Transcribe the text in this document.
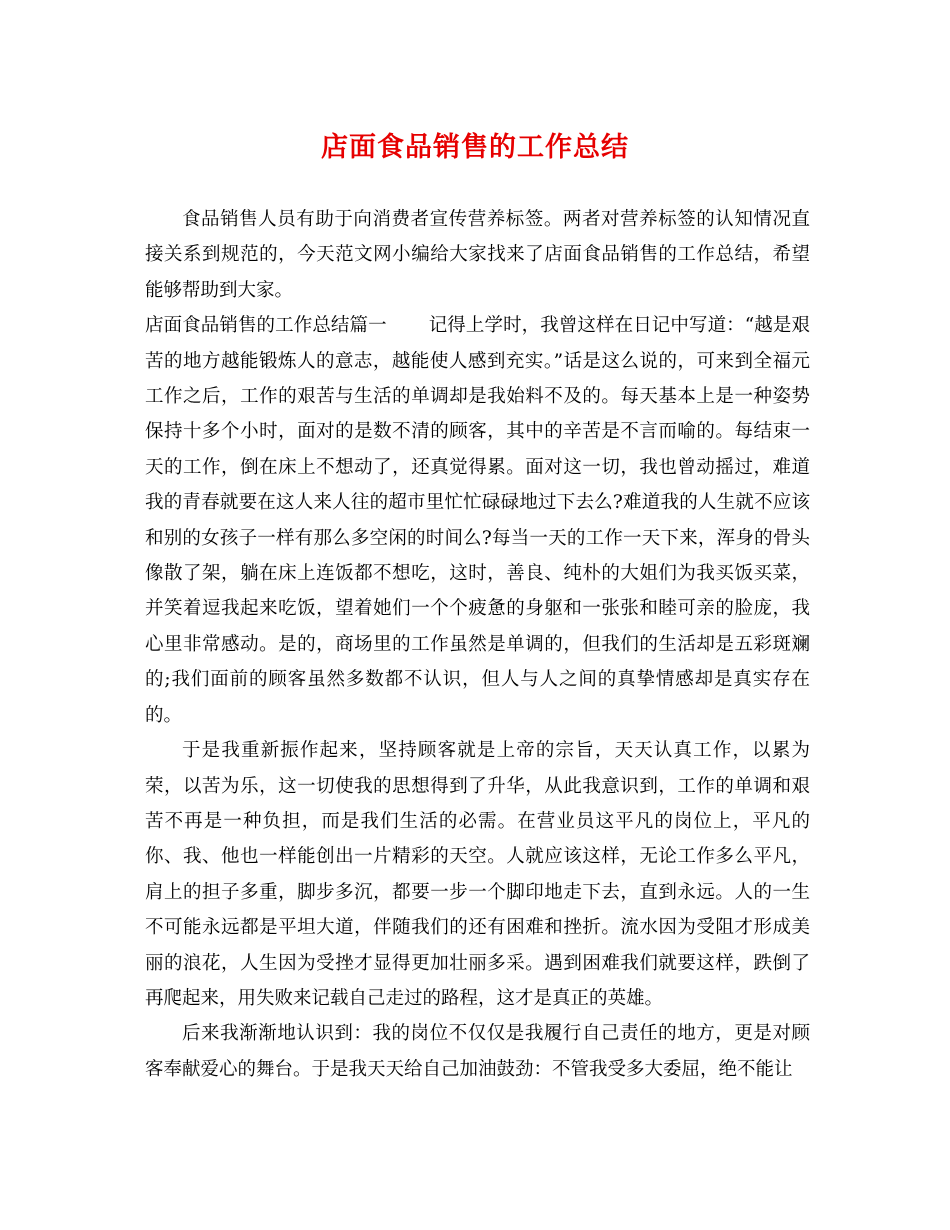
店面食品销售的工作总结

食品销售人员有助于向消费者宣传营养标签。两者对营养标签的认知情况直接关系到规范的，今天范文网小编给大家找来了店面食品销售的工作总结，希望能够帮助到大家。

店面食品销售的工作总结篇一 记得上学时，我曾这样在日记中写道：“越是艰苦的地方越能锻炼人的意志，越能使人感到充实。”话是这么说的，可来到全福元工作之后，工作的艰苦与生活的单调却是我始料不及的。每天基本上是一种姿势保持十多个小时，面对的是数不清的顾客，其中的辛苦是不言而喻的。每结束一天的工作，倒在床上不想动了，还真觉得累。面对这一切，我也曾动摇过，难道我的青春就要在这人来人往的超市里忙忙碌碌地过下去么?难道我的人生就不应该和别的女孩子一样有那么多空闲的时间么?每当一天的工作一天下来，浑身的骨头像散了架，躺在床上连饭都不想吃，这时，善良、纯朴的大姐们为我买饭买菜，并笑着逗我起来吃饭，望着她们一个个疲惫的身躯和一张张和睦可亲的脸庞，我心里非常感动。是的，商场里的工作虽然是单调的，但我们的生活却是五彩斑斓的;我们面前的顾客虽然多数都不认识，但人与人之间的真挚情感却是真实存在的。

于是我重新振作起来，坚持顾客就是上帝的宗旨，天天认真工作，以累为荣，以苦为乐，这一切使我的思想得到了升华，从此我意识到，工作的单调和艰苦不再是一种负担，而是我们生活的必需。在营业员这平凡的岗位上，平凡的你、我、他也一样能创出一片精彩的天空。人就应该这样，无论工作多么平凡，肩上的担子多重，脚步多沉，都要一步一个脚印地走下去，直到永远。人的一生不可能永远都是平坦大道，伴随我们的还有困难和挫折。流水因为受阻才形成美丽的浪花，人生因为受挫才显得更加壮丽多采。遇到困难我们就要这样，跌倒了再爬起来，用失败来记载自己走过的路程，这才是真正的英雄。

后来我渐渐地认识到：我的岗位不仅仅是我履行自己责任的地方，更是对顾客奉献爱心的舞台。于是我天天给自己加油鼓劲：不管我受多大委屈，绝不能让
